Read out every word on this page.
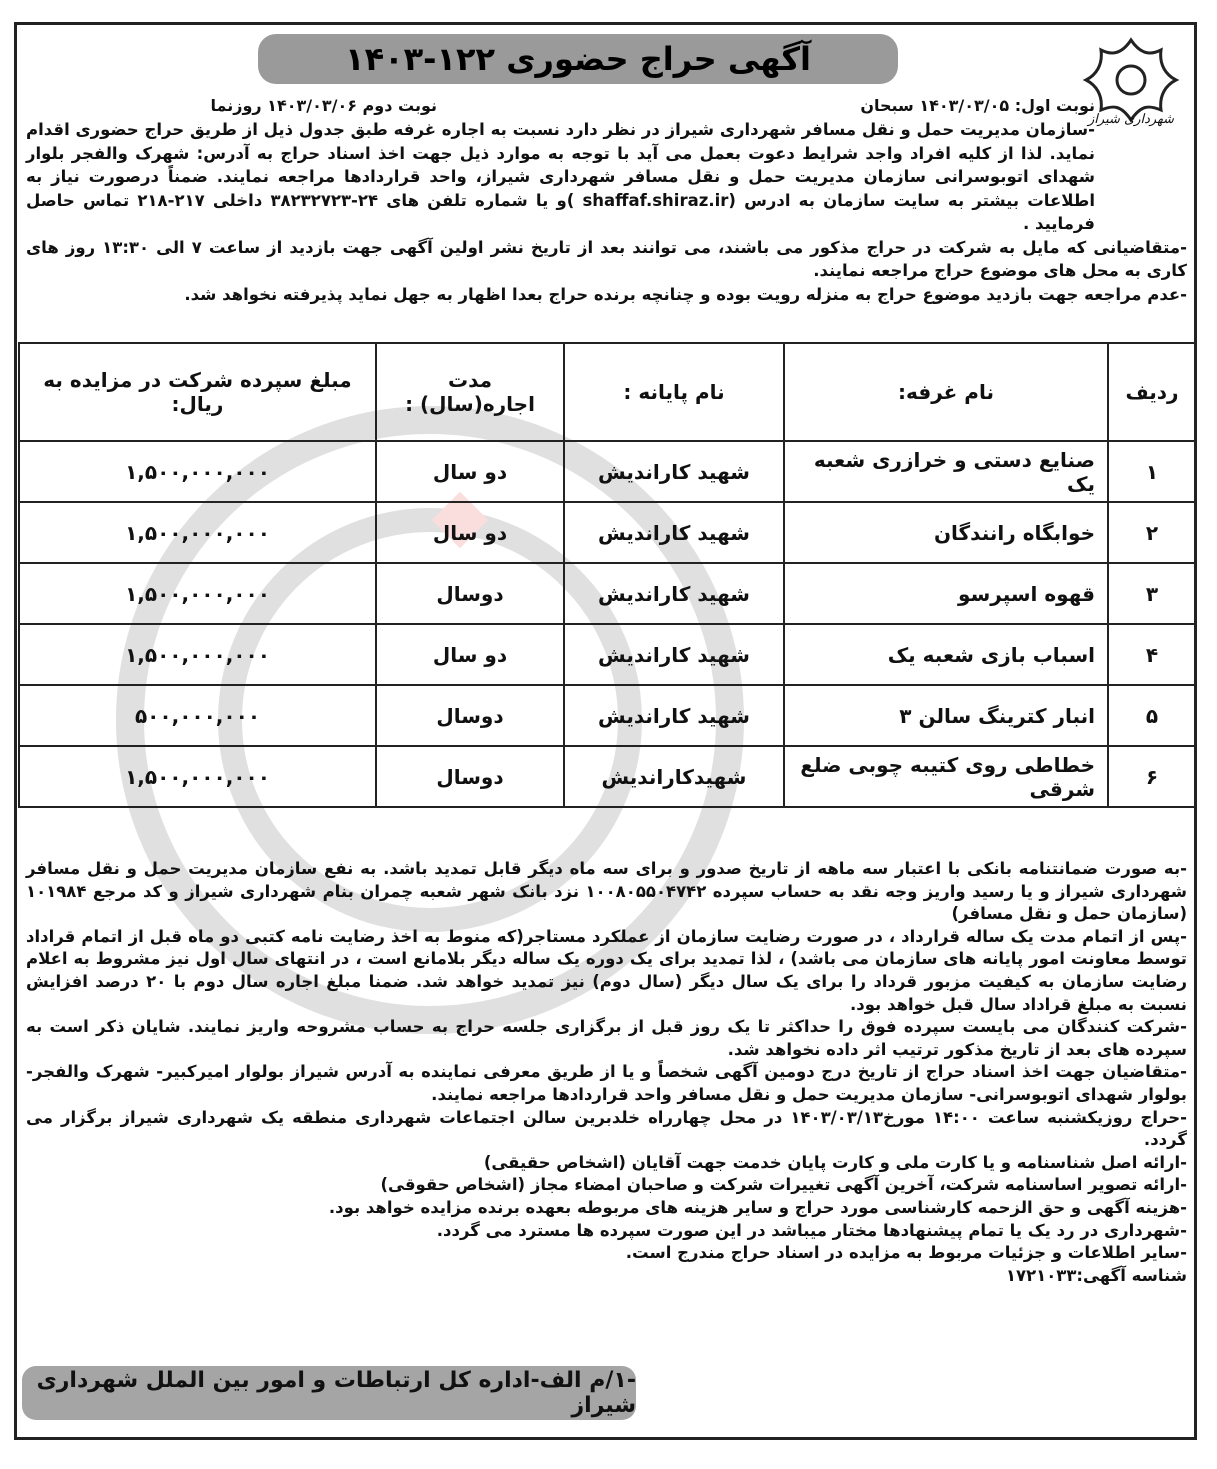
آگهی حراج حضوری ۱۲۲-۱۴۰۳
شهرداری شیراز
نوبت اول: ۱۴۰۳/۰۳/۰۵ سبحان
نوبت دوم ۱۴۰۳/۰۳/۰۶ روزنما

-سازمان مدیریت حمل و نقل مسافر شهرداری شیراز در نظر دارد نسبت به اجاره غرفه طبق جدول ذیل از طریق حراج حضوری اقدام نماید. لذا از کلیه افراد واجد شرایط دعوت بعمل می آید با توجه به موارد ذیل جهت اخذ اسناد حراج به آدرس: شهرک والفجر بلوار شهدای اتوبوسرانی سازمان مدیریت حمل و نقل مسافر شهرداری شیراز، واحد قراردادها مراجعه نمایند. ضمناً درصورت نیاز به اطلاعات بیشتر به سایت سازمان به ادرس (shaffaf.shiraz.ir )و یا شماره تلفن های ۲۴-۳۸۲۳۲۷۲۳ داخلی ۲۱۷-۲۱۸ تماس حاصل فرمایید .

-متقاضیانی که مایل به شرکت در حراج مذکور می باشند، می توانند بعد از تاریخ نشر اولین آگهی جهت بازدید از ساعت ۷ الی ۱۳:۳۰ روز های کاری به محل های موضوع حراج مراجعه نمایند.

-عدم مراجعه جهت بازدید موضوع حراج به منزله رویت بوده و چنانچه برنده حراج بعدا اظهار به جهل نماید پذیرفته نخواهد شد.

ردیف	نام غرفه:	نام پایانه :	مدت اجاره(سال) :	مبلغ سپرده شرکت در مزایده به ریال:
۱	صنایع دستی و خرازری شعبه یک	شهید کاراندیش	دو سال	۱,۵۰۰,۰۰۰,۰۰۰
۲	خوابگاه رانندگان	شهید کاراندیش	دو سال	۱,۵۰۰,۰۰۰,۰۰۰
۳	قهوه اسپرسو	شهید کاراندیش	دوسال	۱,۵۰۰,۰۰۰,۰۰۰
۴	اسباب بازی شعبه یک	شهید کاراندیش	دو سال	۱,۵۰۰,۰۰۰,۰۰۰
۵	انبار کترینگ سالن ۳	شهید کاراندیش	دوسال	۵۰۰,۰۰۰,۰۰۰
۶	خطاطی روی کتیبه چوبی ضلع شرقی	شهیدکاراندیش	دوسال	۱,۵۰۰,۰۰۰,۰۰۰

-به صورت ضمانتنامه بانکی با اعتبار سه ماهه از تاریخ صدور و برای سه ماه دیگر قابل تمدید باشد. به نفع سازمان مدیریت حمل و نقل مسافر شهرداری شیراز و یا رسید واریز وجه نقد به حساب سپرده ۱۰۰۸۰۵۵۰۴۷۴۲ نزد بانک شهر شعبه چمران بنام شهرداری شیراز و کد مرجع ۱۰۱۹۸۴ (سازمان حمل و نقل مسافر)

-پس از اتمام مدت یک ساله قرارداد ، در صورت رضایت سازمان از عملکرد مستاجر(که منوط به اخذ رضایت نامه کتبی دو ماه قبل از اتمام قراداد توسط معاونت امور پایانه های سازمان می باشد) ، لذا تمدید برای یک دوره یک ساله دیگر بلامانع است ، در انتهای سال اول نیز مشروط به اعلام رضایت سازمان به کیفیت مزبور قرداد را برای یک سال دیگر (سال دوم) نیز تمدید خواهد شد. ضمنا مبلغ اجاره سال دوم با ۲۰ درصد افزایش نسبت به مبلغ قراداد سال قبل خواهد بود.

-شرکت کنندگان می بایست سپرده فوق را حداکثر تا یک روز قبل از برگزاری جلسه حراج به حساب مشروحه واریز نمایند. شایان ذکر است به سپرده های بعد از تاریخ مذکور ترتیب اثر داده نخواهد شد.

-متقاضیان جهت اخذ اسناد حراج از تاریخ درج دومین آگهی شخصاً و یا از طریق معرفی نماینده به آدرس شیراز بولوار امیرکبیر- شهرک والفجر- بولوار شهدای اتوبوسرانی- سازمان مدیریت حمل و نقل مسافر واحد قراردادها مراجعه نمایند.

-حراج روزیکشنبه ساعت ۱۴:۰۰ مورخ۱۴۰۳/۰۳/۱۳ در محل چهارراه خلدبرین سالن اجتماعات شهرداری منطقه یک شهرداری شیراز برگزار می گردد.

-ارائه اصل شناسنامه و یا کارت ملی و کارت پایان خدمت جهت آقایان (اشخاص حقیقی)

-ارائه تصویر اساسنامه شرکت، آخرین آگهی تغییرات شرکت و صاحبان امضاء مجاز (اشخاص حقوقی)

-هزینه آگهی و حق الزحمه کارشناسی مورد حراج و سایر هزینه های مربوطه بعهده برنده مزایده خواهد بود.

-شهرداری در رد یک یا تمام پیشنهادها مختار میباشد در این صورت سپرده ها مسترد می گردد.

-سایر اطلاعات و جزئیات مربوط به مزایده در اسناد حراج مندرج است.

شناسه آگهی:۱۷۲۱۰۳۳

-۱/م الف-اداره کل ارتباطات و امور بین الملل شهرداری شیراز
